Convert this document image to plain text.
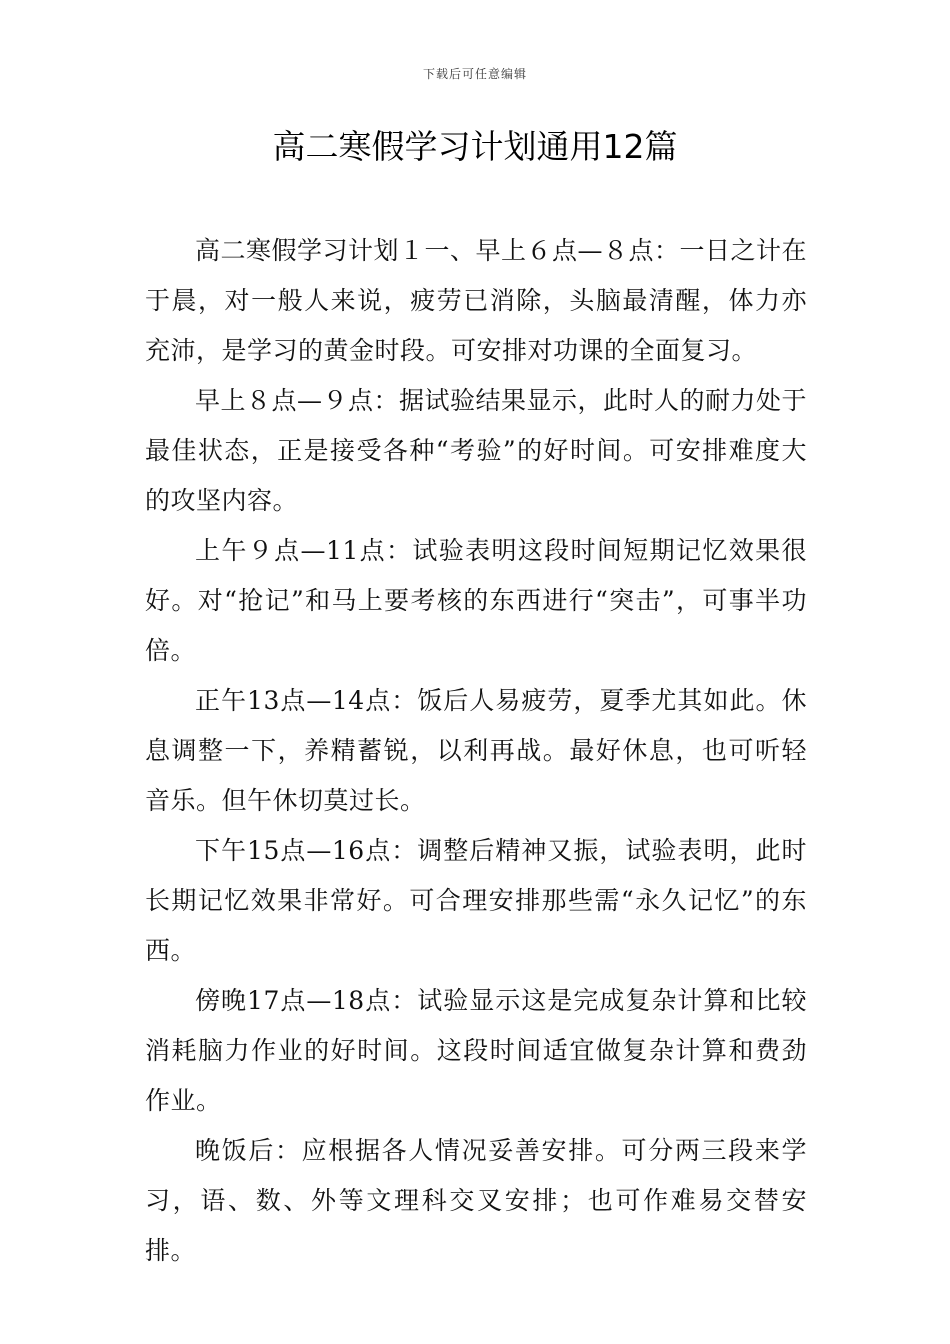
下载后可任意编辑
高二寒假学习计划通用12篇

高二寒假学习计划１一、早上６点—８点：一日之计在于晨，对一般人来说，疲劳已消除，头脑最清醒，体力亦充沛，是学习的黄金时段。可安排对功课的全面复习。

早上８点—９点：据试验结果显示，此时人的耐力处于最佳状态，正是接受各种“考验”的好时间。可安排难度大的攻坚内容。

上午９点—11点：试验表明这段时间短期记忆效果很好。对“抢记”和马上要考核的东西进行“突击”，可事半功倍。

正午13点—14点：饭后人易疲劳，夏季尤其如此。休息调整一下，养精蓄锐，以利再战。最好休息，也可听轻音乐。但午休切莫过长。

下午15点—16点：调整后精神又振，试验表明，此时长期记忆效果非常好。可合理安排那些需“永久记忆”的东西。

傍晚17点—18点：试验显示这是完成复杂计算和比较消耗脑力作业的好时间。这段时间适宜做复杂计算和费劲作业。

晚饭后：应根据各人情况妥善安排。可分两三段来学习，语、数、外等文理科交叉安排；也可作难易交替安排。
